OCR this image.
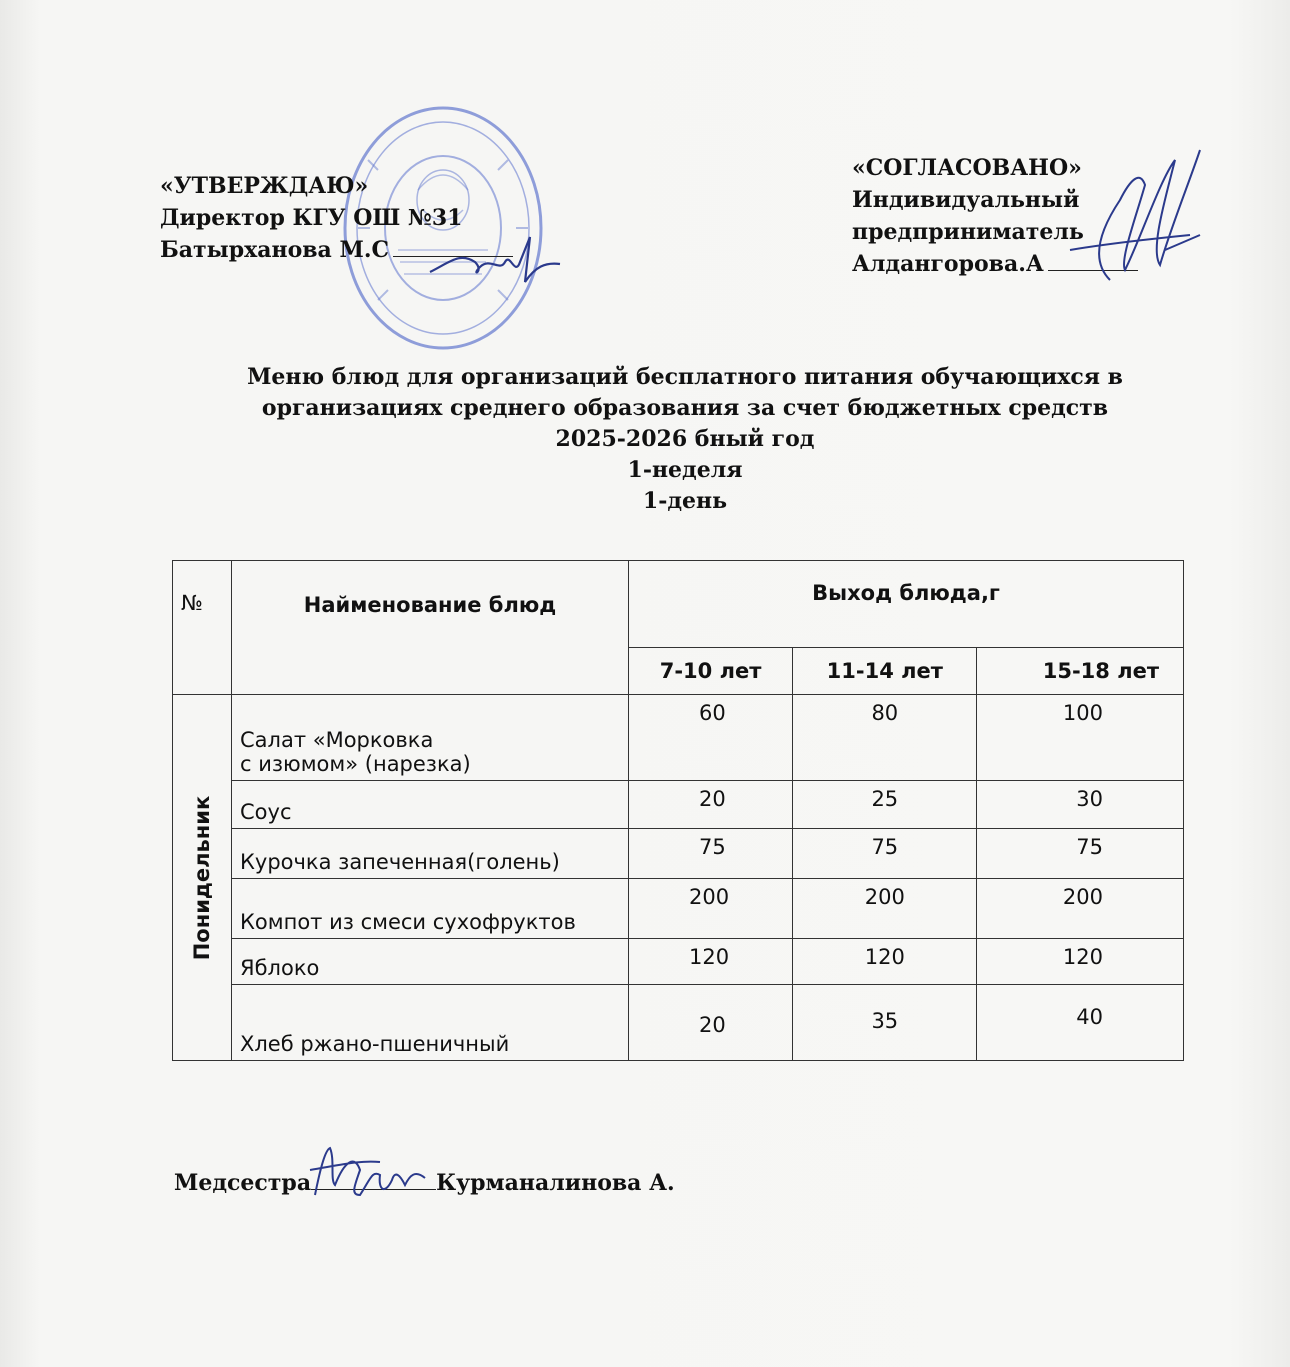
«УТВЕРЖДАЮ»
Директор КГУ ОШ №31
Батырханова М.С
«СОГЛАСОВАНО»
Индивидуальный
предприниматель
Алдангорова.А
Меню блюд для организаций бесплатного питания обучающихся в
организациях среднего образования за счет бюджетных средств
2025-2026 бный год
1-неделя
1-день
№	Найменование блюд	Выход блюда,г		
		7-10 лет	11-14 лет	15-18 лет

Понидельник	Салат «Морковка
с изюмом» (нарезка)	60	80	100
	Соус	20	25	30
	Курочка запеченная(голень)	75	75	75
	Компот из смеси сухофруктов	200	200	200
	Яблоко	120	120	120
	Хлеб ржано-пшеничный	20	35	40
Медсестра	Курманалинова А.
